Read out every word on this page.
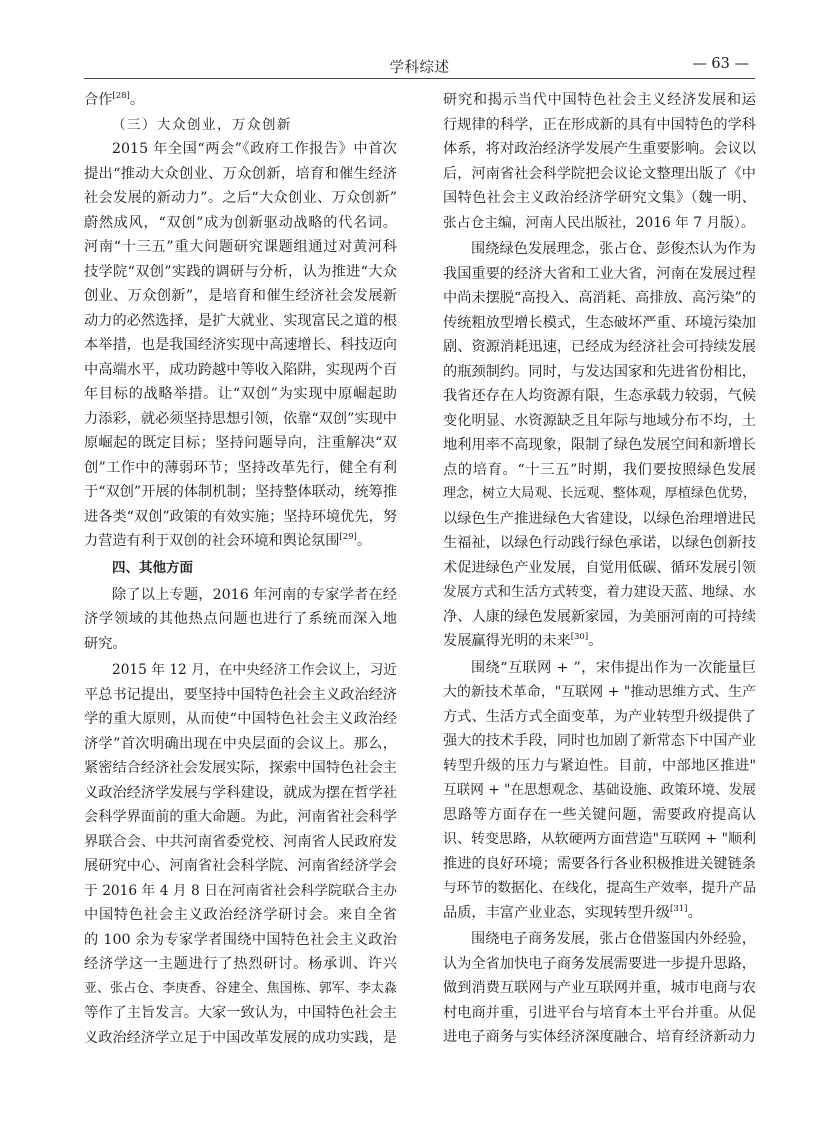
学科综述	— 63 —
合作[28]。
（三）大众创业，万众创新
2015 年全国“两会”《政府工作报告》中首次
提出“推动大众创业、万众创新，培育和催生经济
社会发展的新动力”。之后“大众创业、万众创新”
蔚然成风，“双创”成为创新驱动战略的代名词。
河南“十三五”重大问题研究课题组通过对黄河科
技学院“双创”实践的调研与分析，认为推进“大众
创业、万众创新”，是培育和催生经济社会发展新
动力的必然选择，是扩大就业、实现富民之道的根
本举措，也是我国经济实现中高速增长、科技迈向
中高端水平，成功跨越中等收入陷阱，实现两个百
年目标的战略举措。让“双创”为实现中原崛起助
力添彩，就必须坚持思想引领，依靠“双创”实现中
原崛起的既定目标；坚持问题导向，注重解决“双
创”工作中的薄弱环节；坚持改革先行，健全有利
于“双创”开展的体制机制；坚持整体联动，统筹推
进各类“双创”政策的有效实施；坚持环境优先，努
力营造有利于双创的社会环境和舆论氛围[29]。
四、其他方面
除了以上专题，2016 年河南的专家学者在经
济学领域的其他热点问题也进行了系统而深入地
研究。
2015 年 12 月，在中央经济工作会议上，习近
平总书记提出，要坚持中国特色社会主义政治经济
学的重大原则，从而使“中国特色社会主义政治经
济学”首次明确出现在中央层面的会议上。那么，
紧密结合经济社会发展实际，探索中国特色社会主
义政治经济学发展与学科建设，就成为摆在哲学社
会科学界面前的重大命题。为此，河南省社会科学
界联合会、中共河南省委党校、河南省人民政府发
展研究中心、河南省社会科学院、河南省经济学会
于 2016 年 4 月 8 日在河南省社会科学院联合主办
中国特色社会主义政治经济学研讨会。来自全省
的 100 余为专家学者围绕中国特色社会主义政治
经济学这一主题进行了热烈研讨。杨承训、许兴
亚、张占仓、李庚香、谷建全、焦国栋、郭军、李太淼
等作了主旨发言。大家一致认为，中国特色社会主
义政治经济学立足于中国改革发展的成功实践，是
研究和揭示当代中国特色社会主义经济发展和运
行规律的科学，正在形成新的具有中国特色的学科
体系，将对政治经济学发展产生重要影响。会议以
后，河南省社会科学院把会议论文整理出版了《中
国特色社会主义政治经济学研究文集》（魏一明、
张占仓主编，河南人民出版社，2016 年 7 月版）。
围绕绿色发展理念，张占仓、彭俊杰认为作为
我国重要的经济大省和工业大省，河南在发展过程
中尚未摆脱“高投入、高消耗、高排放、高污染”的
传统粗放型增长模式，生态破坏严重、环境污染加
剧、资源消耗迅速，已经成为经济社会可持续发展
的瓶颈制约。同时，与发达国家和先进省份相比，
我省还存在人均资源有限，生态承载力较弱，气候
变化明显、水资源缺乏且年际与地域分布不均，土
地利用率不高现象，限制了绿色发展空间和新增长
点的培育。“十三五”时期，我们要按照绿色发展
理念，树立大局观、长远观、整体观，厚植绿色优势，
以绿色生产推进绿色大省建设，以绿色治理增进民
生福祉，以绿色行动践行绿色承诺，以绿色创新技
术促进绿色产业发展，自觉用低碳、循环发展引领
发展方式和生活方式转变，着力建设天蓝、地绿、水
净、人康的绿色发展新家园，为美丽河南的可持续
发展赢得光明的未来[30]。
围绕“互联网 + ”，宋伟提出作为一次能量巨
大的新技术革命，"互联网 + "推动思维方式、生产
方式、生活方式全面变革，为产业转型升级提供了
强大的技术手段，同时也加剧了新常态下中国产业
转型升级的压力与紧迫性。目前，中部地区推进"
互联网 + "在思想观念、基础设施、政策环境、发展
思路等方面存在一些关键问题，需要政府提高认
识、转变思路，从软硬两方面营造"互联网 + "顺利
推进的良好环境；需要各行各业积极推进关键链条
与环节的数据化、在线化，提高生产效率，提升产品
品质，丰富产业业态，实现转型升级[31]。
围绕电子商务发展，张占仓借鉴国内外经验，
认为全省加快电子商务发展需要进一步提升思路，
做到消费互联网与产业互联网并重，城市电商与农
村电商并重，引进平台与培育本土平台并重。从促
进电子商务与实体经济深度融合、培育经济新动力
